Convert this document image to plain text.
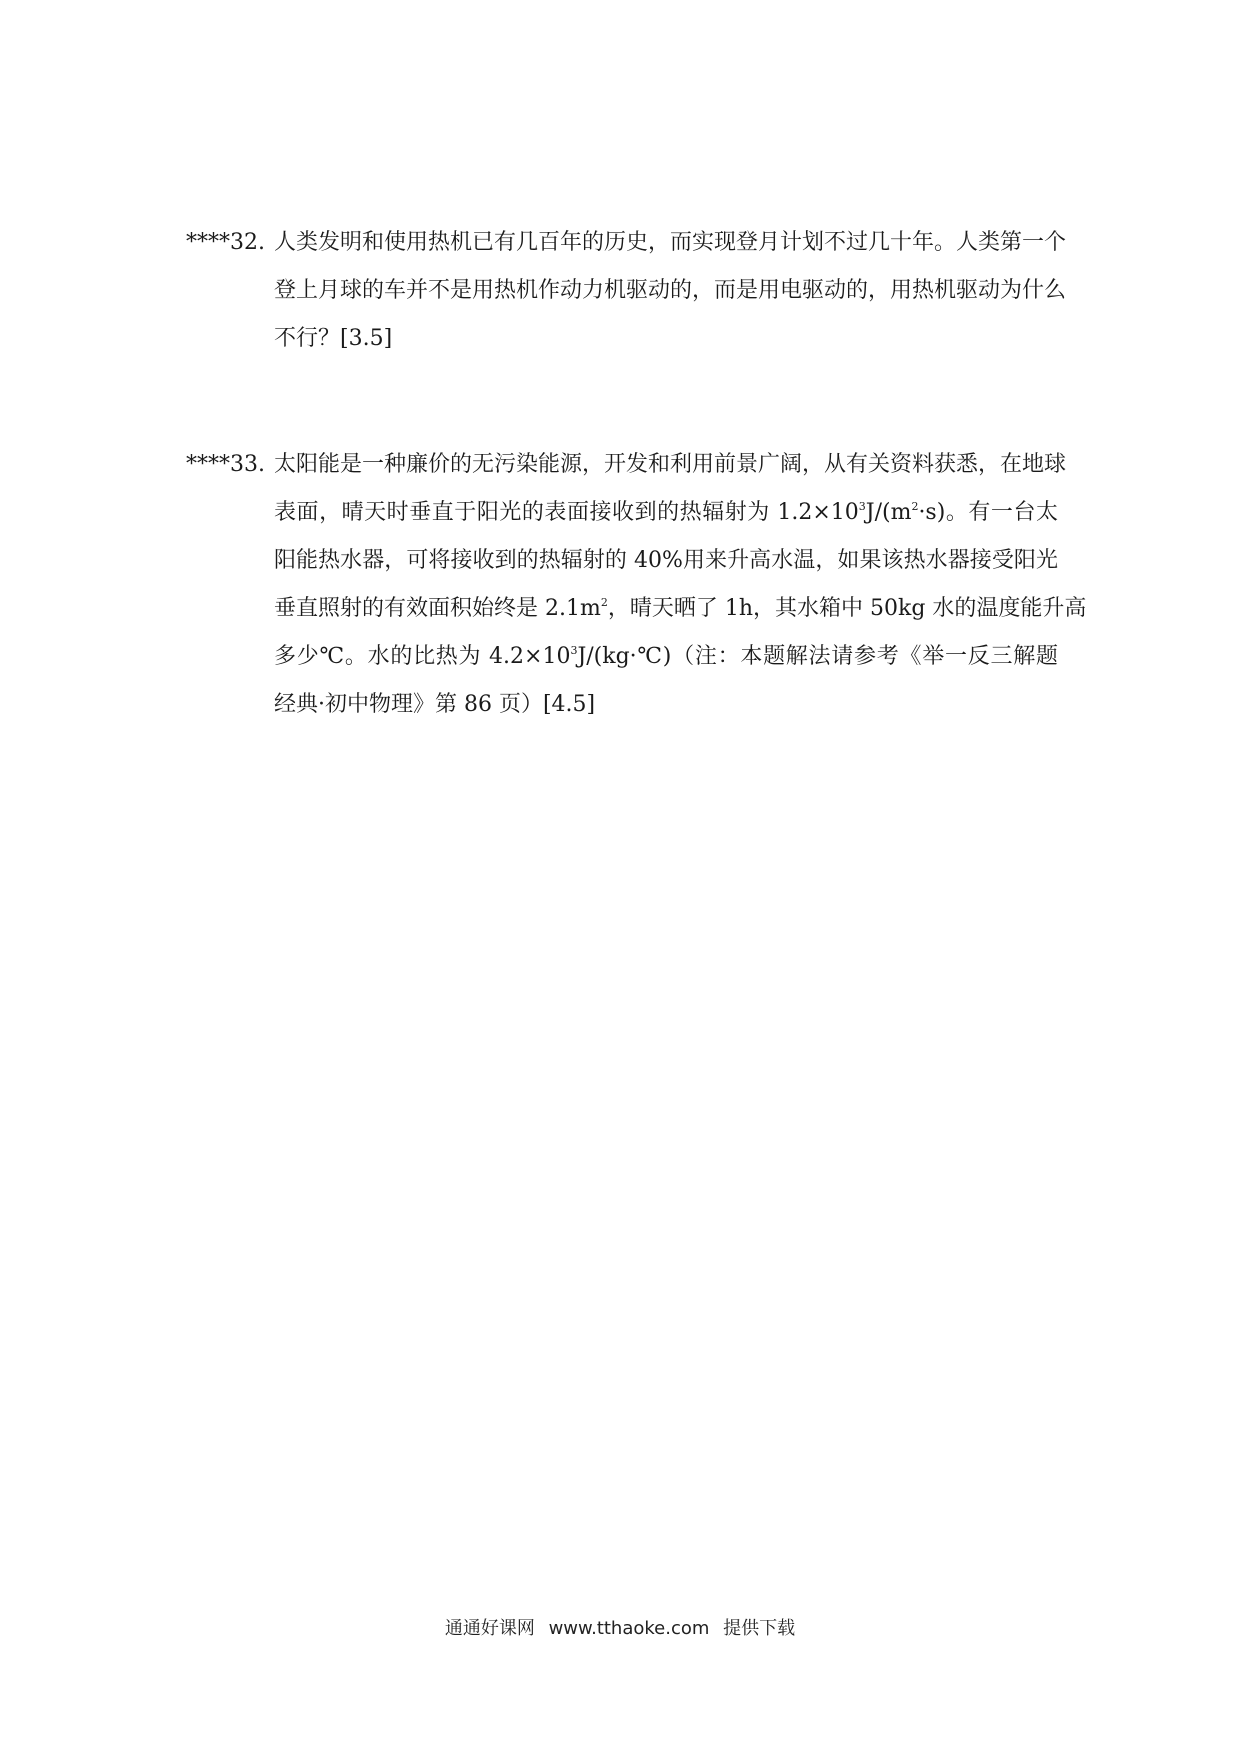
****32. 人类发明和使用热机已有几百年的历史，而实现登月计划不过几十年。人类第一个
登上月球的车并不是用热机作动力机驱动的，而是用电驱动的，用热机驱动为什么
不行？[3.5]
****33. 太阳能是一种廉价的无污染能源，开发和利用前景广阔，从有关资料获悉，在地球
表面，晴天时垂直于阳光的表面接收到的热辐射为 $1.2\times 10^3J/(m^2\cdot s)$。有一台太
阳能热水器，可将接收到的热辐射的 40%用来升高水温，如果该热水器接受阳光
垂直照射的有效面积始终是 $2.1m^2$，晴天晒了 1h，其水箱中 50kg 水的温度能升高
多少℃。水的比热为 $4.2\times 10^3J/(kg\cdot℃)$（注：本题解法请参考《举一反三解题
经典·初中物理》第 86 页）[4.5]
通通好课网 www.tthaoke.com 提供下载
